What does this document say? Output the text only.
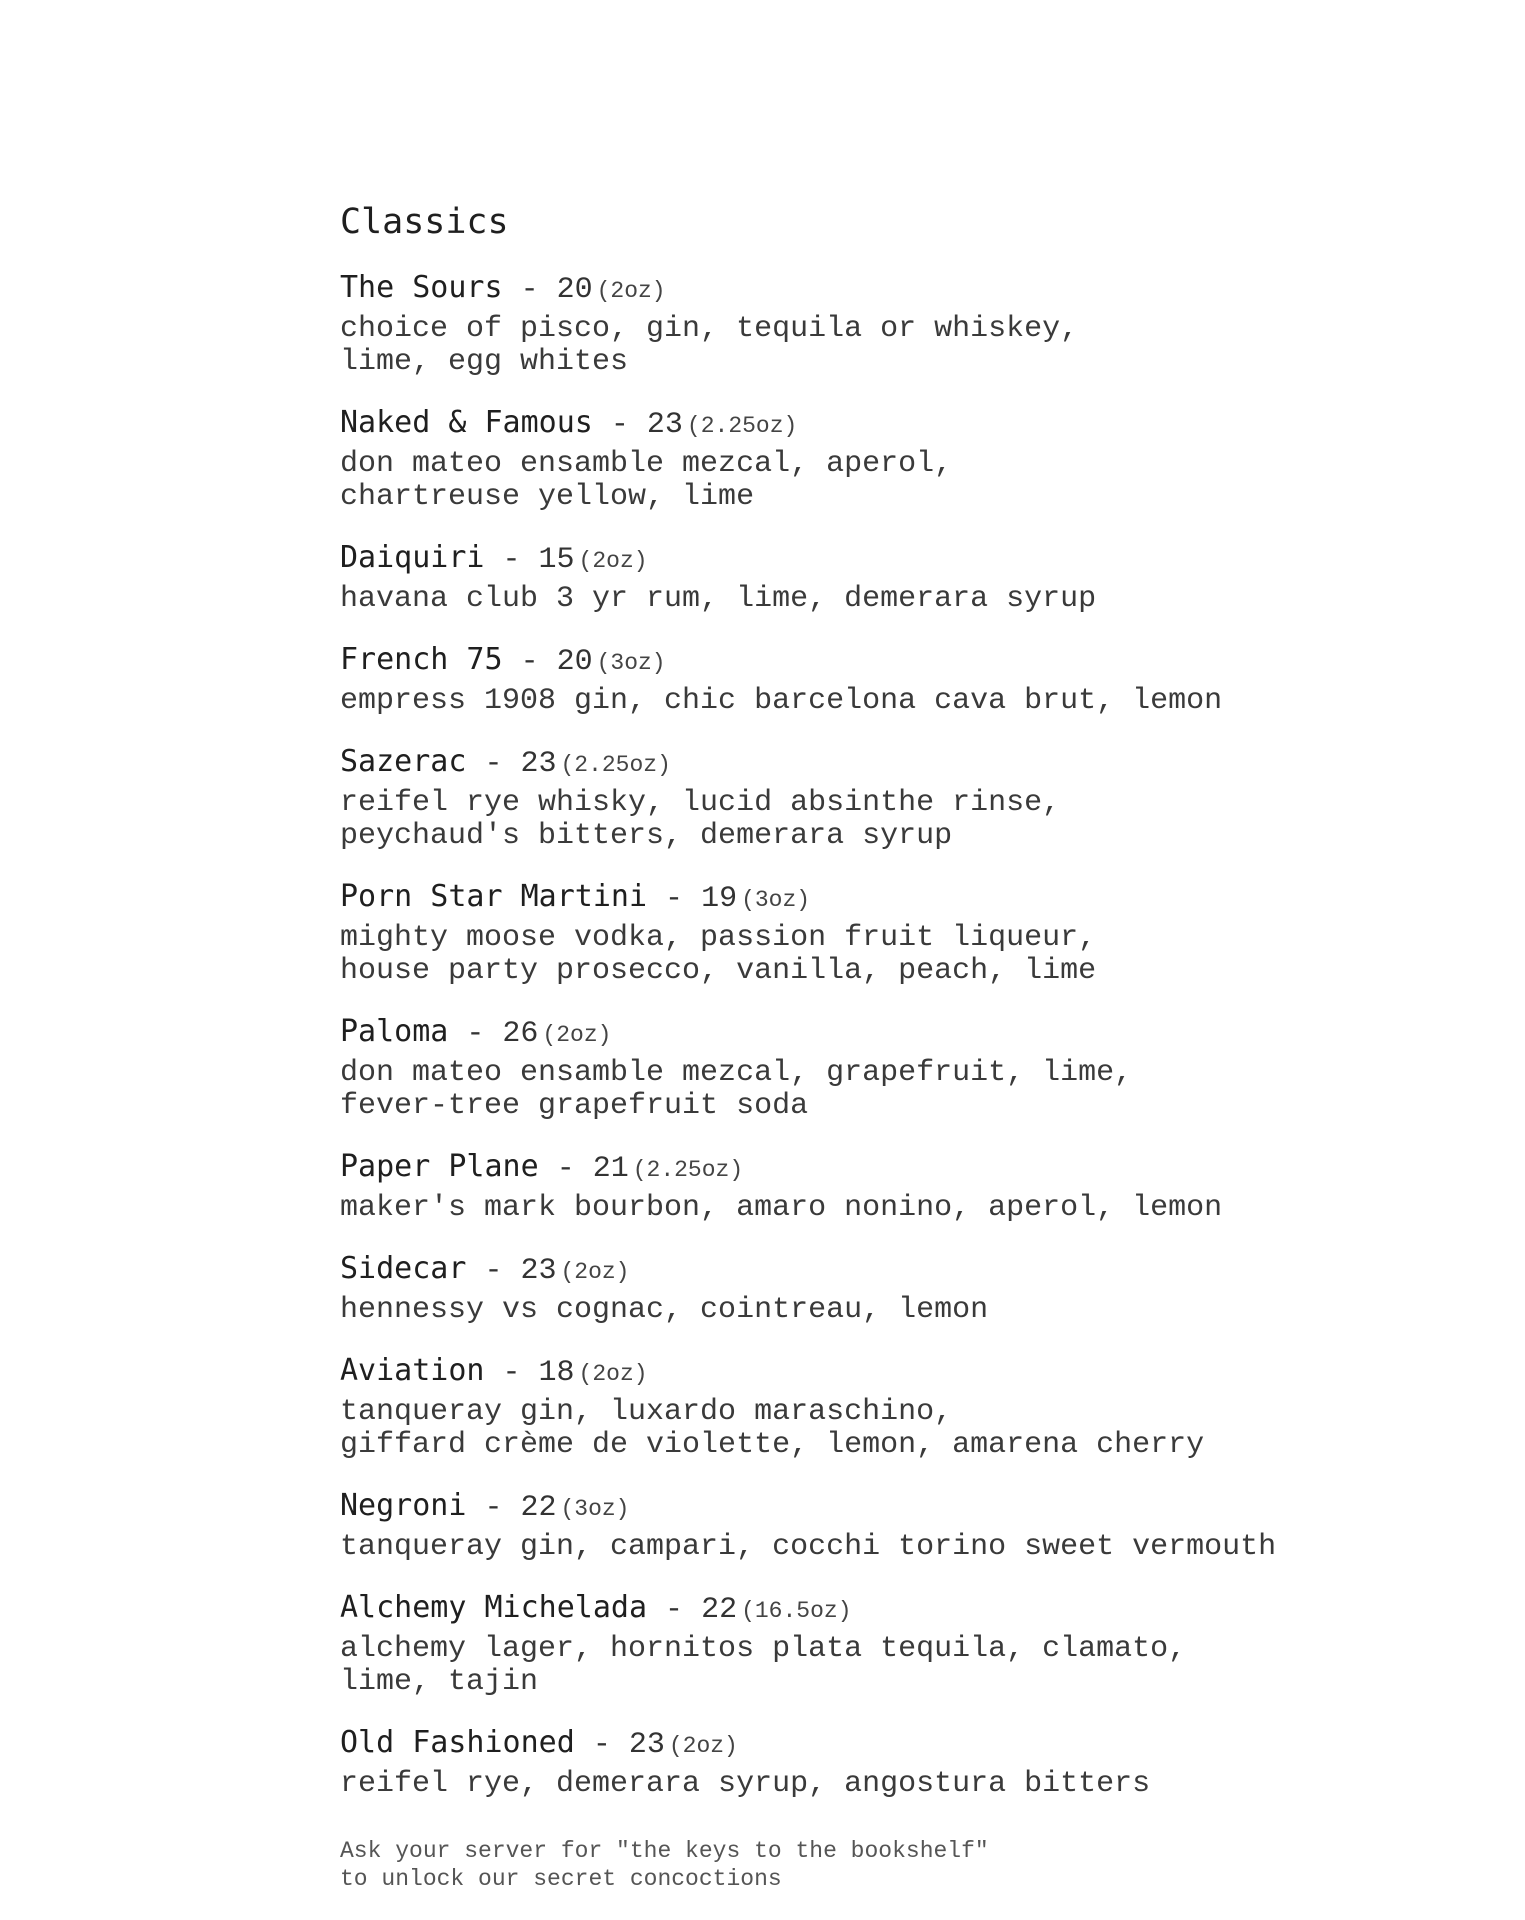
Classics
The Sours - 20 (2oz)
choice of pisco, gin, tequila or whiskey,
lime, egg whites
Naked & Famous - 23 (2.25oz)
don mateo ensamble mezcal, aperol,
chartreuse yellow, lime
Daiquiri - 15 (2oz)
havana club 3 yr rum, lime, demerara syrup
French 75 - 20 (3oz)
empress 1908 gin, chic barcelona cava brut, lemon
Sazerac - 23 (2.25oz)
reifel rye whisky, lucid absinthe rinse,
peychaud's bitters, demerara syrup
Porn Star Martini - 19 (3oz)
mighty moose vodka, passion fruit liqueur,
house party prosecco, vanilla, peach, lime
Paloma - 26 (2oz)
don mateo ensamble mezcal, grapefruit, lime,
fever-tree grapefruit soda
Paper Plane - 21 (2.25oz)
maker's mark bourbon, amaro nonino, aperol, lemon
Sidecar - 23 (2oz)
hennessy vs cognac, cointreau, lemon
Aviation - 18 (2oz)
tanqueray gin, luxardo maraschino,
giffard crème de violette, lemon, amarena cherry
Negroni - 22 (3oz)
tanqueray gin, campari, cocchi torino sweet vermouth
Alchemy Michelada - 22 (16.5oz)
alchemy lager, hornitos plata tequila, clamato,
lime, tajin
Old Fashioned - 23 (2oz)
reifel rye, demerara syrup, angostura bitters
Ask your server for "the keys to the bookshelf"
to unlock our secret concoctions
